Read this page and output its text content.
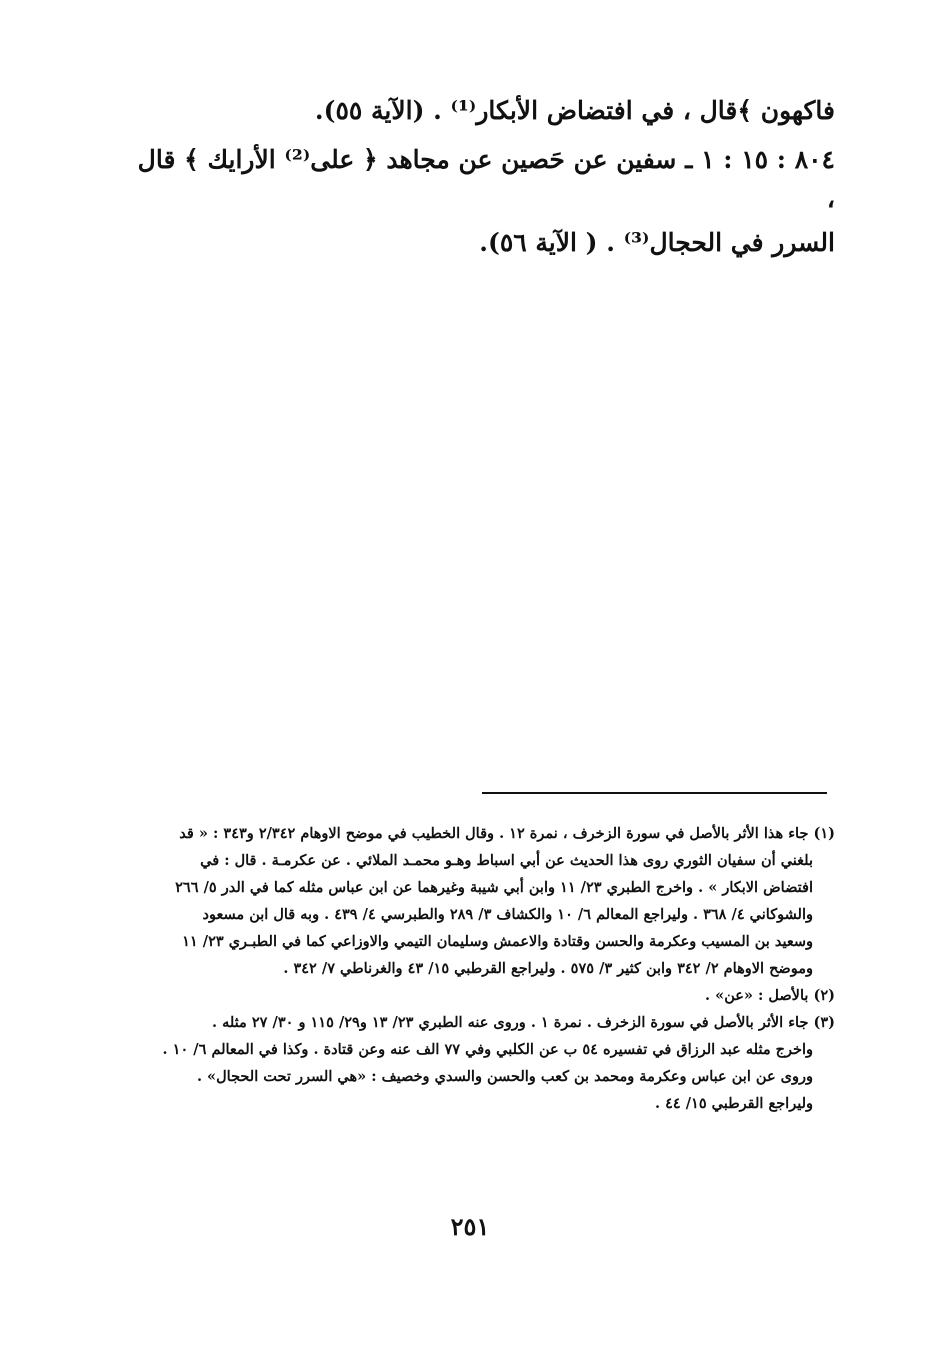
فاكهون ﴾قال ، في افتضاض الأبكار⁽¹⁾ . (الآية ٥٥).

٨٠٤ : ١٥ : ١ ـ سفين عن حَصين عن مجاهد ﴿ على⁽²⁾ الأرايك ﴾ قال ،

السرر في الحجال⁽³⁾ . ( الآية ٥٦).

(١) جاء هذا الأثر بالأصل في سورة الزخرف ، نمرة ١٢ . وقال الخطيب في موضح الاوهام ٢/٣٤٢ و٣٤٣ : « قد

بلغني أن سفيان الثوري روى هذا الحديث عن أبي اسباط وهـو محمـد الملائي . عن عكرمـة . قال : في

افتضاض الابكار » . واخرج الطبري ٢٣/ ١١ وابن أبي شيبة وغيرهما عن ابن عباس مثله كما في الدر ٥/ ٢٦٦

والشوكاني ٤/ ٣٦٨ . وليراجع المعالم ٦/ ١٠ والكشاف ٣/ ٢٨٩ والطبرسي ٤/ ٤٣٩ . وبه قال ابن مسعود

وسعيد بن المسيب وعكرمة والحسن وقتادة والاعمش وسليمان التيمي والاوزاعي كما في الطبـري ٢٣/ ١١

وموضح الاوهام ٢/ ٣٤٢ وابن كثير ٣/ ٥٧٥ . وليراجع القرطبي ١٥/ ٤٣ والغرناطي ٧/ ٣٤٢ .

(٢) بالأصل : «عن» .

(٣) جاء الأثر بالأصل في سورة الزخرف . نمرة ١ . وروى عنه الطبري ٢٣/ ١٣ و٢٩/ ١١٥ و ٣٠/ ٢٧ مثله .

واخرج مثله عبد الرزاق في تفسيره ٥٤ ب عن الكلبي وفي ٧٧ الف عنه وعن قتادة . وكذا في المعالم ٦/ ١٠ .

وروى عن ابن عباس وعكرمة ومحمد بن كعب والحسن والسدي وخصيف : «هي السرر تحت الحجال» .

وليراجع القرطبي ١٥/ ٤٤ .

٢٥١
